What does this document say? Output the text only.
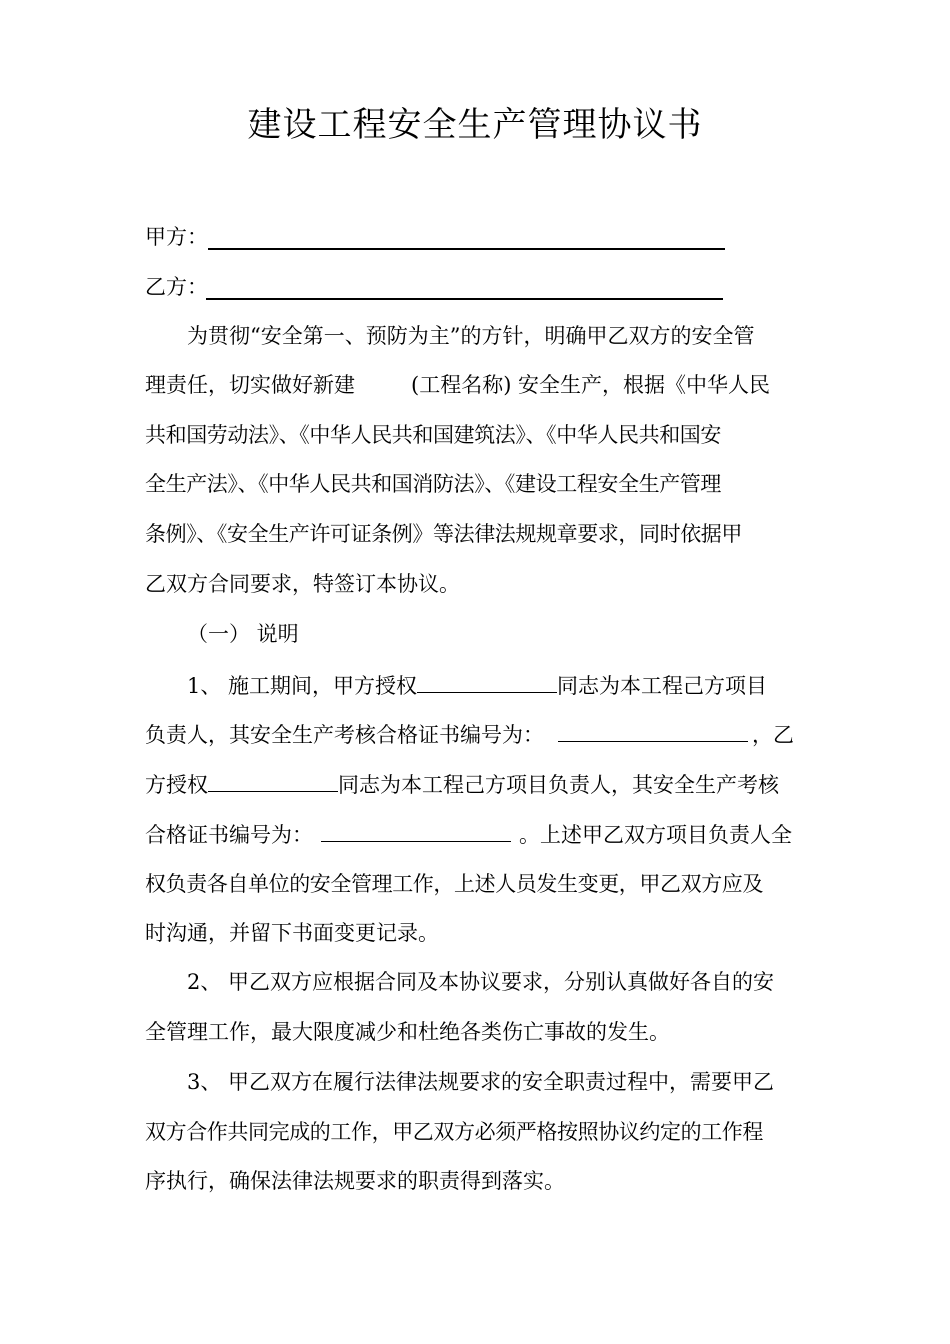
建设工程安全生产管理协议书
甲方：
乙方：
为贯彻“安全第一、预防为主”的方针，明确甲乙双方的安全管
理责任，切实做好新建	(工程名称) 安全生产，根据《中华人民
共和国劳动法》、《中华人民共和国建筑法》、《中华人民共和国安
全生产法》、《中华人民共和国消防法》、《建设工程安全生产管理
条例》、《安全生产许可证条例》等法律法规规章要求，同时依据甲
乙双方合同要求，特签订本协议。
（一） 说明
1、 施工期间，甲方授权	同志为本工程己方项目
负责人，其安全生产考核合格证书编号为：	，乙
方授权	同志为本工程己方项目负责人，其安全生产考核
合格证书编号为：	。上述甲乙双方项目负责人全
权负责各自单位的安全管理工作，上述人员发生变更，甲乙双方应及
时沟通，并留下书面变更记录。
2、 甲乙双方应根据合同及本协议要求，分别认真做好各自的安
全管理工作，最大限度减少和杜绝各类伤亡事故的发生。
3、 甲乙双方在履行法律法规要求的安全职责过程中，需要甲乙
双方合作共同完成的工作，甲乙双方必须严格按照协议约定的工作程
序执行，确保法律法规要求的职责得到落实。
